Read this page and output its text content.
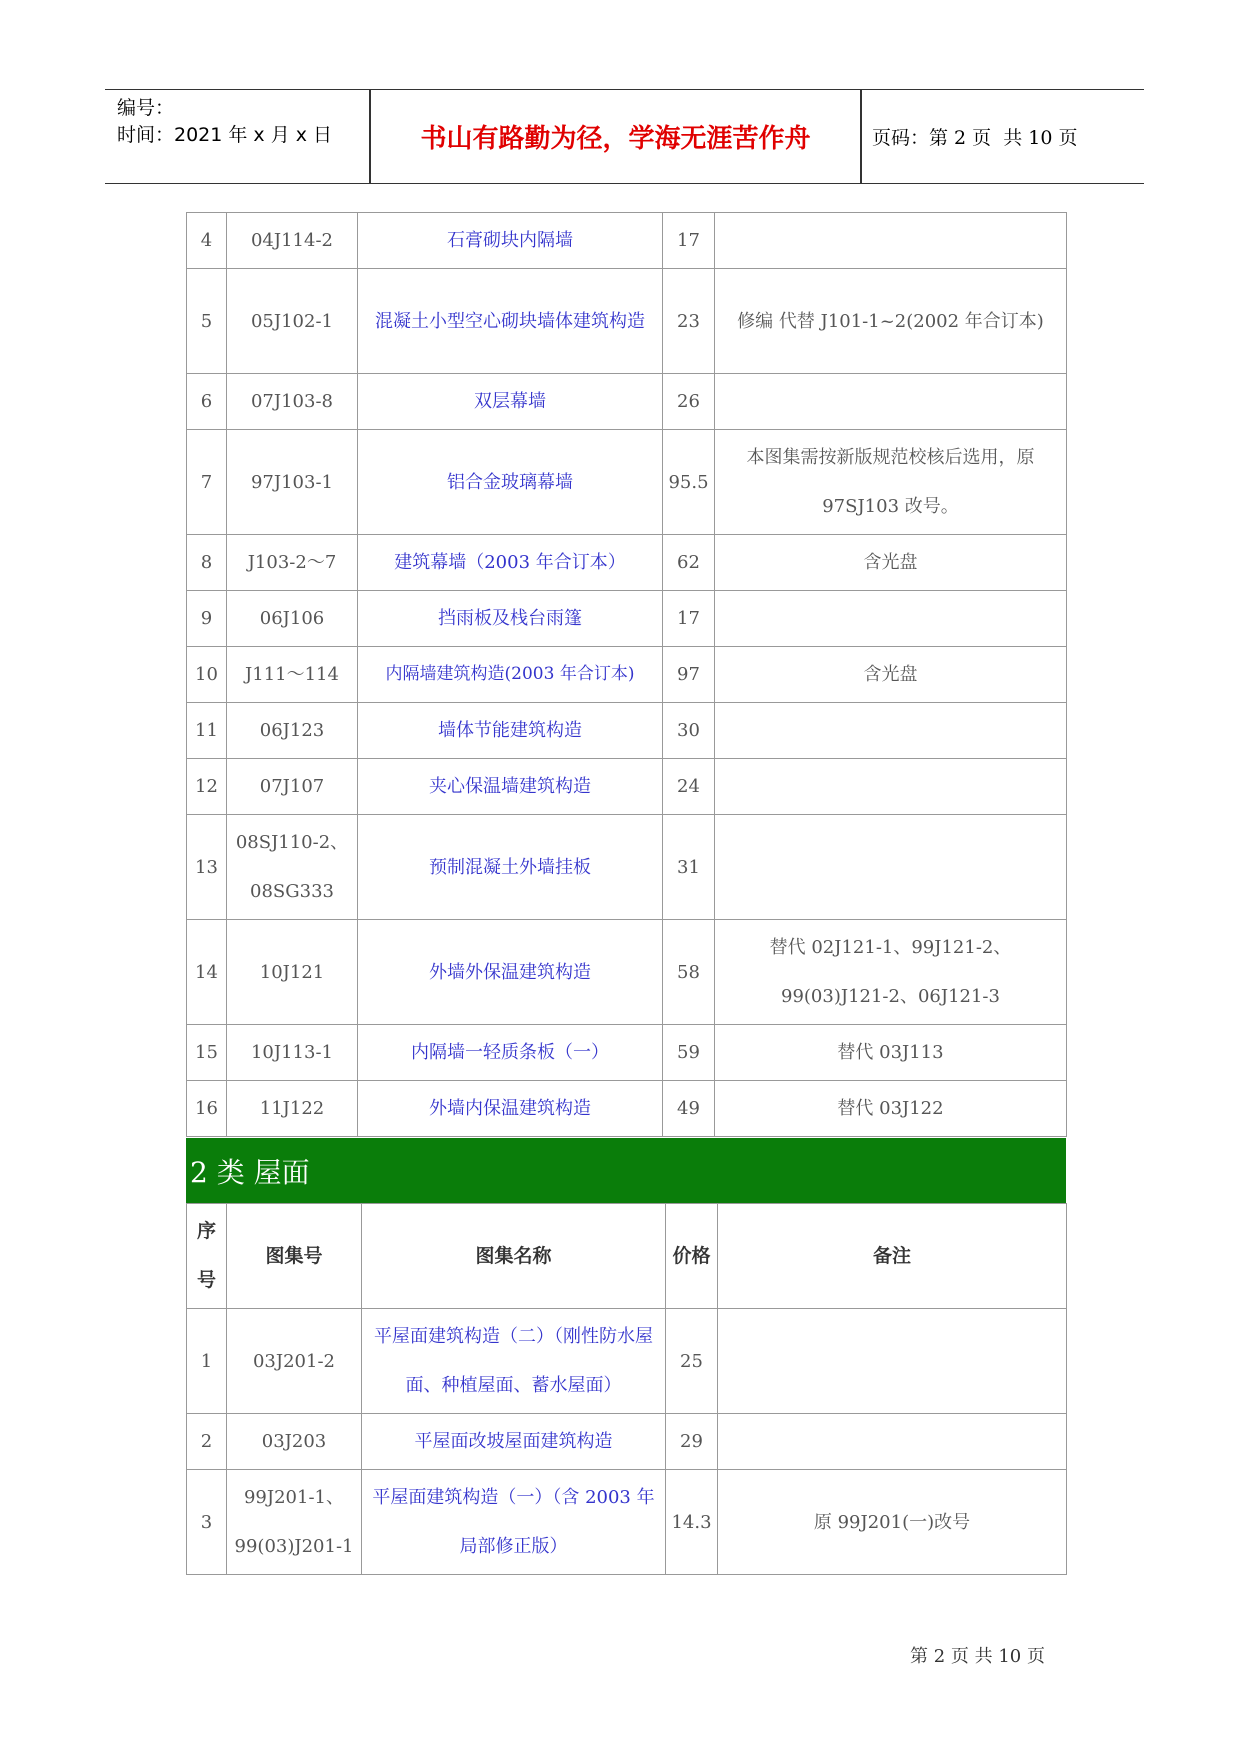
编号：
时间：2021 年 x 月 x 日	书山有路勤为径，学海无涯苦作舟	页码：第 2 页  共 10 页
4	04J114-2	石膏砌块内隔墙	17	
5	05J102-1	混凝土小型空心砌块墙体建筑构造	23	修编 代替 J101-1~2(2002 年合订本)
6	07J103-8	双层幕墙	26	
7	97J103-1	铝合金玻璃幕墙	95.5	本图集需按新版规范校核后选用，原97SJ103 改号。
8	J103-2～7	建筑幕墙（2003 年合订本）	62	含光盘
9	06J106	挡雨板及栈台雨篷	17	
10	J111～114	内隔墙建筑构造(2003 年合订本)	97	含光盘
11	06J123	墙体节能建筑构造	30	
12	07J107	夹心保温墙建筑构造	24	
13	08SJ110-2、08SG333	预制混凝土外墙挂板	31	
14	10J121	外墙外保温建筑构造	58	替代 02J121-1、99J121-2、99(03)J121-2、06J121-3
15	10J113-1	内隔墙一轻质条板（一）	59	替代 03J113
16	11J122	外墙内保温建筑构造	49	替代 03J122
2 类 屋面
序号	图集号	图集名称	价格	备注
1	03J201-2	平屋面建筑构造（二）（刚性防水屋面、种植屋面、蓄水屋面）	25	
2	03J203	平屋面改坡屋面建筑构造	29	
3	99J201-1、99(03)J201-1	平屋面建筑构造（一）（含 2003 年局部修正版）	14.3	原 99J201(一)改号
第 2 页 共 10 页
